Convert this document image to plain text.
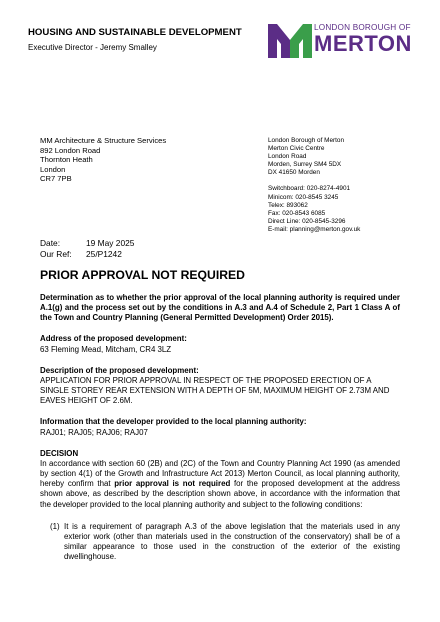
HOUSING AND SUSTAINABLE DEVELOPMENT
Executive Director - Jeremy Smalley
LONDON BOROUGH OF
MERTON
MM Architecture & Structure Services
892 London Road
Thornton Heath
London
CR7 7PB
London Borough of Merton
Merton Civic Centre
London Road
Morden, Surrey SM4 5DX
DX 41650 Morden
Switchboard: 020-8274-4901
Minicom: 020-8545 3245
Telex: 893062
Fax: 020-8543 6085
Direct Line: 020-8545-3296
E-mail: planning@merton.gov.uk
Date:	19 May 2025
Our Ref:	25/P1242
PRIOR APPROVAL NOT REQUIRED

Determination as to whether the prior approval of the local planning authority is required under A.1(g) and the process set out by the conditions in A.3 and A.4 of Schedule 2, Part 1 Class A of the Town and Country Planning (General Permitted Development) Order 2015).

Address of the proposed development:

63 Fleming Mead, Mitcham, CR4 3LZ

Description of the proposed development:

APPLICATION FOR PRIOR APPROVAL IN RESPECT OF THE PROPOSED ERECTION OF A SINGLE STOREY REAR EXTENSION WITH A DEPTH OF 5M, MAXIMUM HEIGHT OF 2.73M AND EAVES HEIGHT OF 2.6M.

Information that the developer provided to the local planning authority:

RAJ01; RAJ05; RAJ06; RAJ07

DECISION

In accordance with section 60 (2B) and (2C) of the Town and Country Planning Act 1990 (as amended by section 4(1) of the Growth and Infrastructure Act 2013) Merton Council, as local planning authority, hereby confirm that prior approval is not required for the proposed development at the address shown above, as described by the description shown above, in accordance with the information that the developer provided to the local planning authority and subject to the following conditions:

(1) It is a requirement of paragraph A.3 of the above legislation that the materials used in any exterior work (other than materials used in the construction of the conservatory) shall be of a similar appearance to those used in the construction of the exterior of the existing dwellinghouse.
